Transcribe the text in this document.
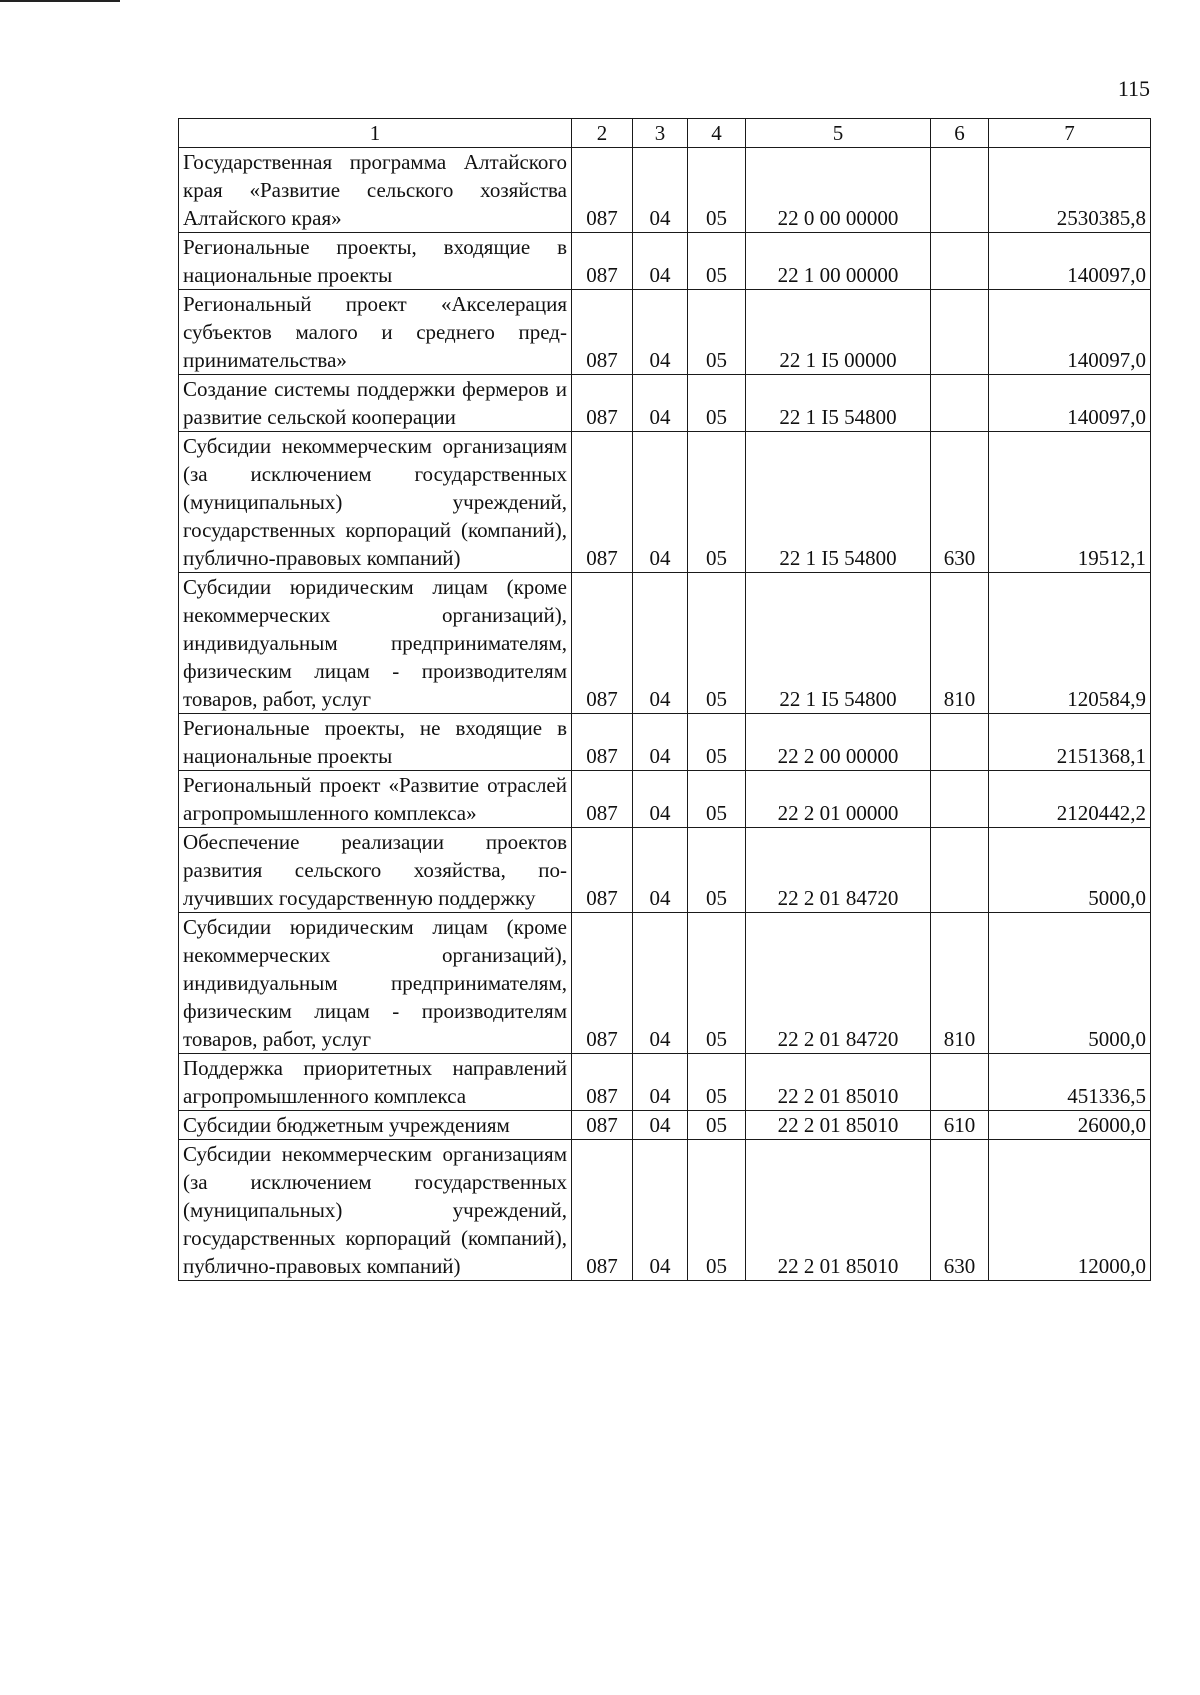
115
1	2	3	4	5	6	7
Государственная программа Алтайского края «Развитие сельского хозяйства Алтайского края»	087	04	05	22 0 00 00000		2530385,8
Региональные проекты, входящие в национальные проекты	087	04	05	22 1 00 00000		140097,0
Региональный проект «Акселерация субъектов малого и среднего предпринимательства»	087	04	05	22 1 I5 00000		140097,0
Создание системы поддержки фермеров и развитие сельской кооперации	087	04	05	22 1 I5 54800		140097,0
Субсидии некоммерческим организациям (за исключением государственных (муниципальных) учреждений, государственных корпораций (компаний), публично-правовых компаний)	087	04	05	22 1 I5 54800	630	19512,1
Субсидии юридическим лицам (кроме некоммерческих организаций), индивидуальным предпринимателям, физическим лицам - производителям товаров, работ, услуг	087	04	05	22 1 I5 54800	810	120584,9
Региональные проекты, не входящие в национальные проекты	087	04	05	22 2 00 00000		2151368,1
Региональный проект «Развитие отраслей агропромышленного комплекса»	087	04	05	22 2 01 00000		2120442,2
Обеспечение реализации проектов развития сельского хозяйства, получивших государственную поддержку	087	04	05	22 2 01 84720		5000,0
Субсидии юридическим лицам (кроме некоммерческих организаций), индивидуальным предпринимателям, физическим лицам - производителям товаров, работ, услуг	087	04	05	22 2 01 84720	810	5000,0
Поддержка приоритетных направлений агропромышленного комплекса	087	04	05	22 2 01 85010		451336,5
Субсидии бюджетным учреждениям	087	04	05	22 2 01 85010	610	26000,0
Субсидии некоммерческим организациям (за исключением государственных (муниципальных) учреждений, государственных корпораций (компаний), публично-правовых компаний)	087	04	05	22 2 01 85010	630	12000,0
